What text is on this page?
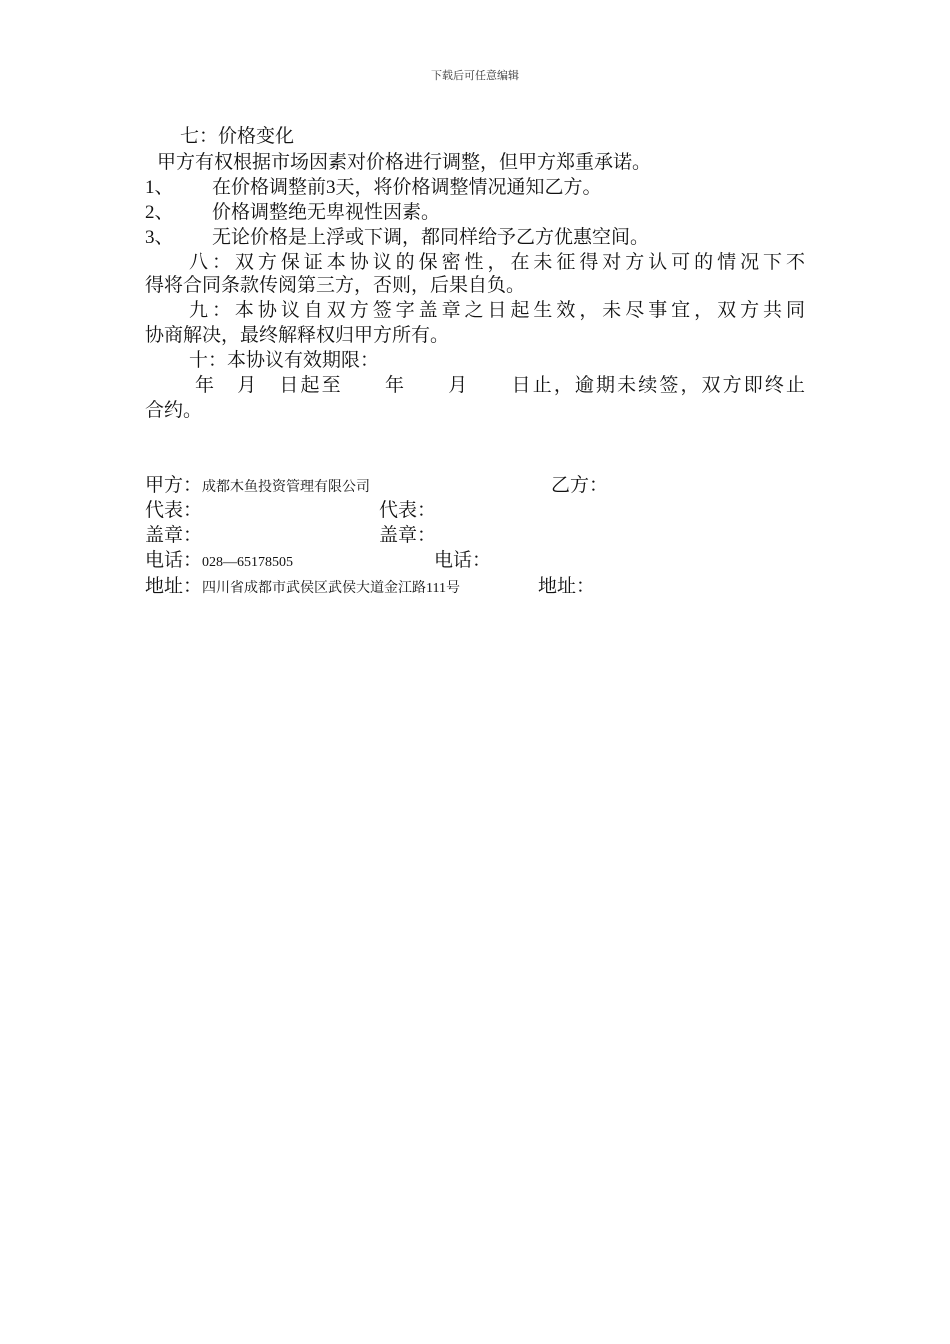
下载后可任意编辑
七：价格变化
甲方有权根据市场因素对价格进行调整，但甲方郑重承诺。
1、 在价格调整前3天，将价格调整情况通知乙方。
2、 价格调整绝无卑视性因素。
3、 无论价格是上浮或下调，都同样给予乙方优惠空间。
八：双方保证本协议的保密性，在未征得对方认可的情况下不
得将合同条款传阅第三方，否则，后果自负。
九：本协议自双方签字盖章之日起生效，未尽事宜，双方共同
协商解决，最终解释权归甲方所有。
十：本协议有效期限：
年　月　日起至　　年　　月　　日止，逾期未续签，双方即终止
合约。
甲方：成都木鱼投资管理有限公司	乙方：
代表：	代表：
盖章：	盖章：
电话：028—65178505	电话：
地址：四川省成都市武侯区武侯大道金江路111号	地址：
